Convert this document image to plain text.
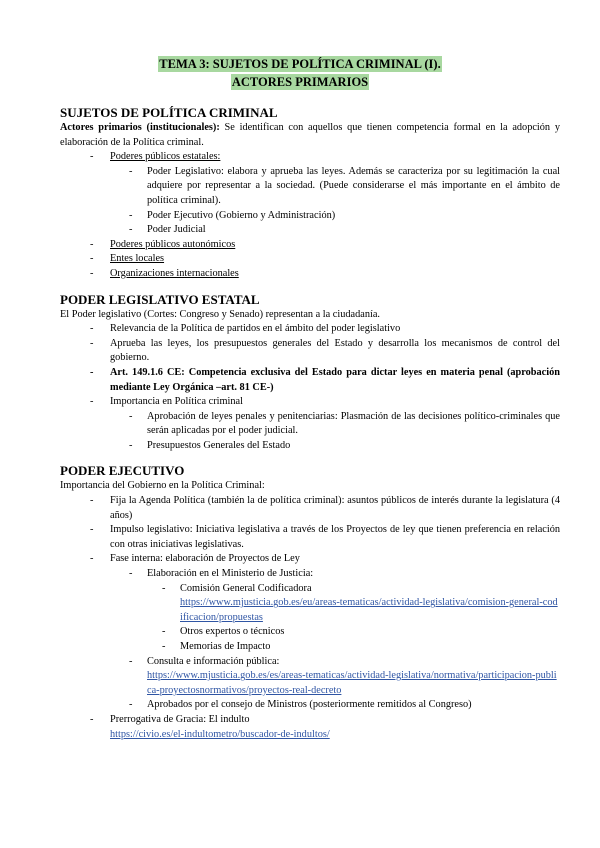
TEMA 3: SUJETOS DE POLÍTICA CRIMINAL (I).
ACTORES PRIMARIOS
SUJETOS DE POLÍTICA CRIMINAL

Actores primarios (institucionales): Se identifican con aquellos que tienen competencia formal en la adopción y elaboración de la Política criminal.

- Poderes públicos estatales:
- Poder Legislativo: elabora y aprueba las leyes. Además se caracteriza por su legitimación la cual adquiere por representar a la sociedad. (Puede considerarse el más importante en el ámbito de política criminal).
- Poder Ejecutivo (Gobierno y Administración)
- Poder Judicial
- Poderes públicos autonómicos
- Entes locales
- Organizaciones internacionales
PODER LEGISLATIVO ESTATAL

El Poder legislativo (Cortes: Congreso y Senado) representan a la ciudadanía.

- Relevancia de la Política de partidos en el ámbito del poder legislativo
- Aprueba las leyes, los presupuestos generales del Estado y desarrolla los mecanismos de control del gobierno.
- Art. 149.1.6 CE: Competencia exclusiva del Estado para dictar leyes en materia penal (aprobación mediante Ley Orgánica –art. 81 CE-)
- Importancia en Política criminal
- Aprobación de leyes penales y penitenciarias: Plasmación de las decisiones político-criminales que serán aplicadas por el poder judicial.
- Presupuestos Generales del Estado
PODER EJECUTIVO

Importancia del Gobierno en la Política Criminal:

- Fija la Agenda Política (también la de política criminal): asuntos públicos de interés durante la legislatura (4 años)
- Impulso legislativo: Iniciativa legislativa a través de los Proyectos de ley que tienen preferencia en relación con otras iniciativas legislativas.
- Fase interna: elaboración de Proyectos de Ley
- Elaboración en el Ministerio de Justicia:
- Comisión General Codificadora
https://www.mjusticia.gob.es/eu/areas-tematicas/actividad-legislativa/comision-general-codificacion/propuestas
- Otros expertos o técnicos
- Memorias de Impacto
- Consulta e información pública:
https://www.mjusticia.gob.es/es/areas-tematicas/actividad-legislativa/normativa/participacion-publica-proyectosnormativos/proyectos-real-decreto
- Aprobados por el consejo de Ministros (posteriormente remitidos al Congreso)
- Prerrogativa de Gracia: El indulto
https://civio.es/el-indultometro/buscador-de-indultos/
